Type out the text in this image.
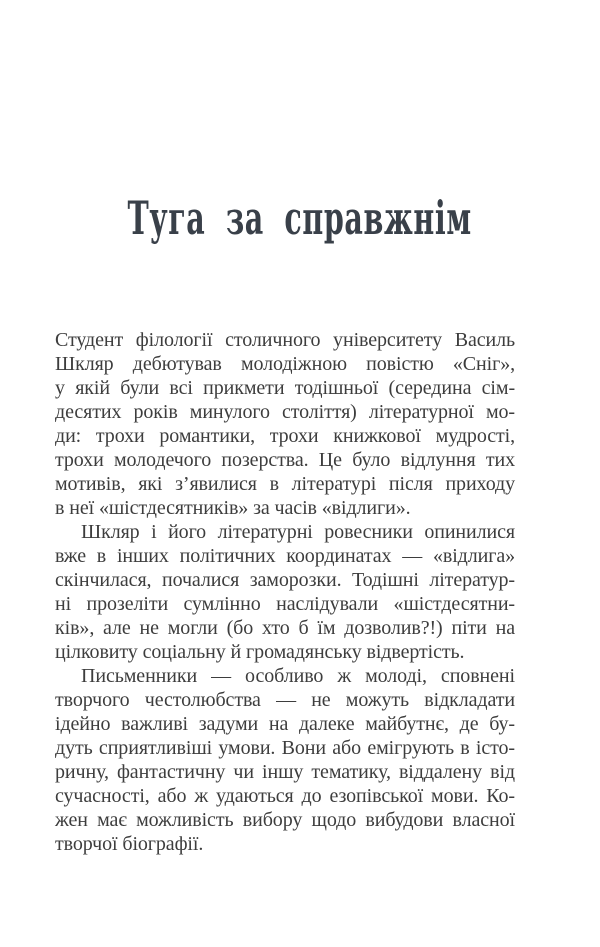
Туга за справжнім
Студент філології столичного університету Василь
Шкляр дебютував молодіжною повістю «Сніг»,
у якій були всі прикмети тодішньої (середина сім-
десятих років минулого століття) літературної мо-
ди: трохи романтики, трохи книжкової мудрості,
трохи молодечого позерства. Це було відлуння тих
мотивів, які з’явилися в літературі після приходу
в неї «шістдесятників» за часів «відлиги».
Шкляр і його літературні ровесники опинилися
вже в інших політичних координатах — «відлига»
скінчилася, почалися заморозки. Тодішні літератур-
ні прозеліти сумлінно наслідували «шістдесятни-
ків», але не могли (бо хто б їм дозволив?!) піти на
цілковиту соціальну й громадянську відвертість.
Письменники — особливо ж молоді, сповнені
творчого честолюбства — не можуть відкладати
ідейно важливі задуми на далеке майбутнє, де бу-
дуть сприятливіші умови. Вони або емігрують в істо-
ричну, фантастичну чи іншу тематику, віддалену від
сучасності, або ж удаються до езопівської мови. Ко-
жен має можливість вибору щодо вибудови власної
творчої біографії.
